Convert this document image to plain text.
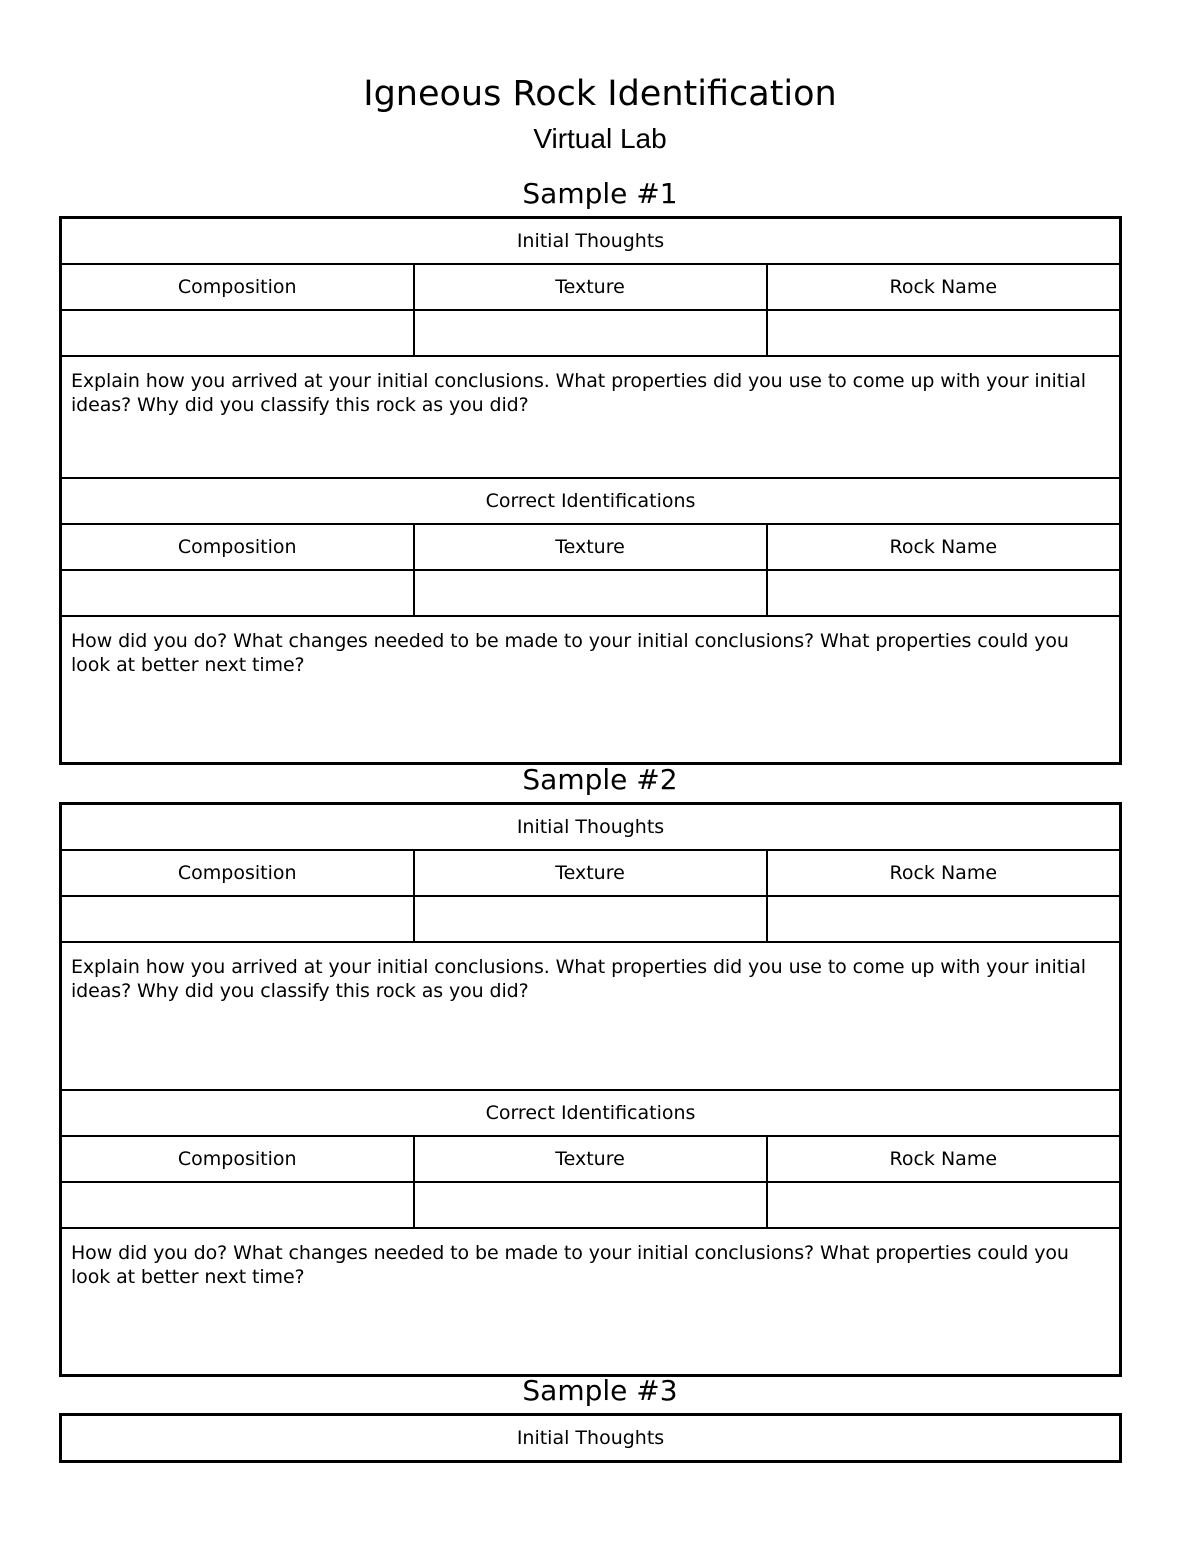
Igneous Rock Identification
Virtual Lab
Sample #1
Initial Thoughts		
Composition	Texture	Rock Name

Explain how you arrived at your initial conclusions. What properties did you use to come up with your initial ideas? Why did you classify this rock as you did?		
Correct Identifications		
Composition	Texture	Rock Name

How did you do? What changes needed to be made to your initial conclusions? What properties could you look at better next time?		
Sample #2
Initial Thoughts		
Composition	Texture	Rock Name

Explain how you arrived at your initial conclusions. What properties did you use to come up with your initial ideas? Why did you classify this rock as you did?		
Correct Identifications		
Composition	Texture	Rock Name

How did you do? What changes needed to be made to your initial conclusions? What properties could you look at better next time?		
Sample #3
Initial Thoughts
